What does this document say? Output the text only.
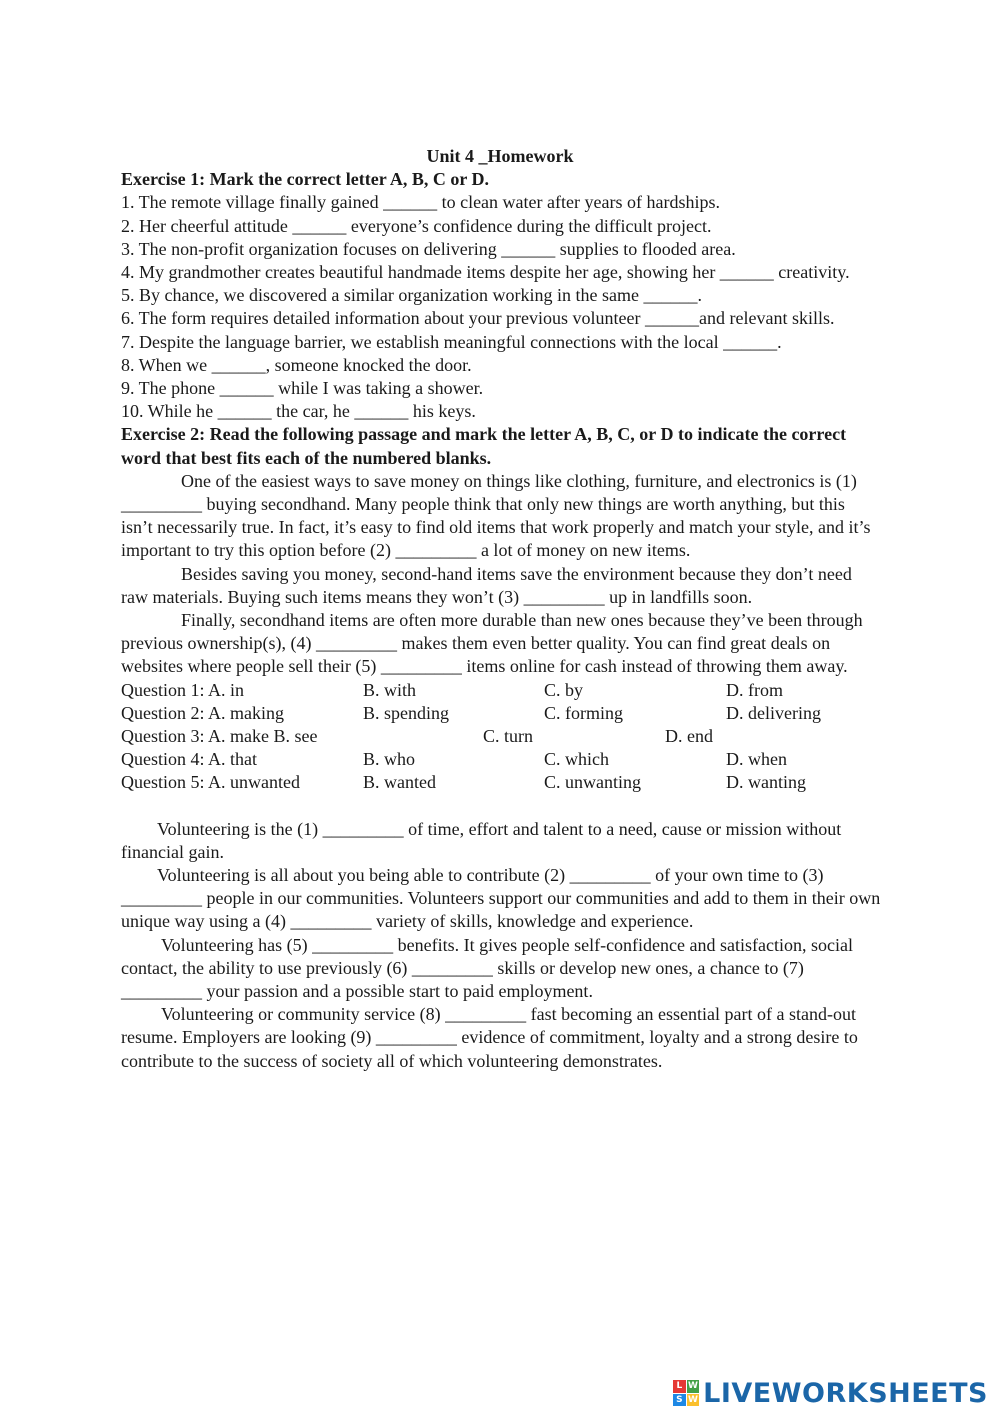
Unit 4 _Homework
Exercise 1: Mark the correct letter A, B, C or D.

1. The remote village finally gained ______ to clean water after years of hardships.

2. Her cheerful attitude ______ everyone’s confidence during the difficult project.

3. The non-profit organization focuses on delivering ______ supplies to flooded area.

4. My grandmother creates beautiful handmade items despite her age, showing her ______ creativity.

5. By chance, we discovered a similar organization working in the same ______.

6. The form requires detailed information about your previous volunteer ______and relevant skills.

7. Despite the language barrier, we establish meaningful connections with the local ______.

8. When we ______, someone knocked the door.

9. The phone ______ while I was taking a shower.

10. While he ______ the car, he ______ his keys.

Exercise 2: Read the following passage and mark the letter A, B, C, or D to indicate the correct word that best fits each of the numbered blanks.

One of the easiest ways to save money on things like clothing, furniture, and electronics is (1) _________ buying secondhand. Many people think that only new things are worth anything, but this isn’t necessarily true. In fact, it’s easy to find old items that work properly and match your style, and it’s important to try this option before (2) _________ a lot of money on new items.

Besides saving you money, second-hand items save the environment because they don’t need raw materials. Buying such items means they won’t (3) _________ up in landfills soon.

Finally, secondhand items are often more durable than new ones because they’ve been through previous ownership(s), (4) _________ makes them even better quality. You can find great deals on websites where people sell their (5) _________ items online for cash instead of throwing them away.

Question 1: A. in	B. with	C. by	D. from
Question 2: A. making	B. spending	C. forming	D. delivering
Question 3: A. make B. see	C. turn	D. end
Question 4: A. that	B. who	C. which	D. when
Question 5: A. unwanted	B. wanted	C. unwanting	D. wanting

Volunteering is the (1) _________ of time, effort and talent to a need, cause or mission without financial gain.

Volunteering is all about you being able to contribute (2) _________ of your own time to (3) _________ people in our communities. Volunteers support our communities and add to them in their own unique way using a (4) _________ variety of skills, knowledge and experience.

Volunteering has (5) _________ benefits. It gives people self-confidence and satisfaction, social contact, the ability to use previously (6) _________ skills or develop new ones, a chance to (7) _________ your passion and a possible start to paid employment.

Volunteering or community service (8) _________ fast becoming an essential part of a stand-out resume. Employers are looking (9) _________ evidence of commitment, loyalty and a strong desire to contribute to the success of society all of which volunteering demonstrates.

L W
S W LIVEWORKSHEETS
